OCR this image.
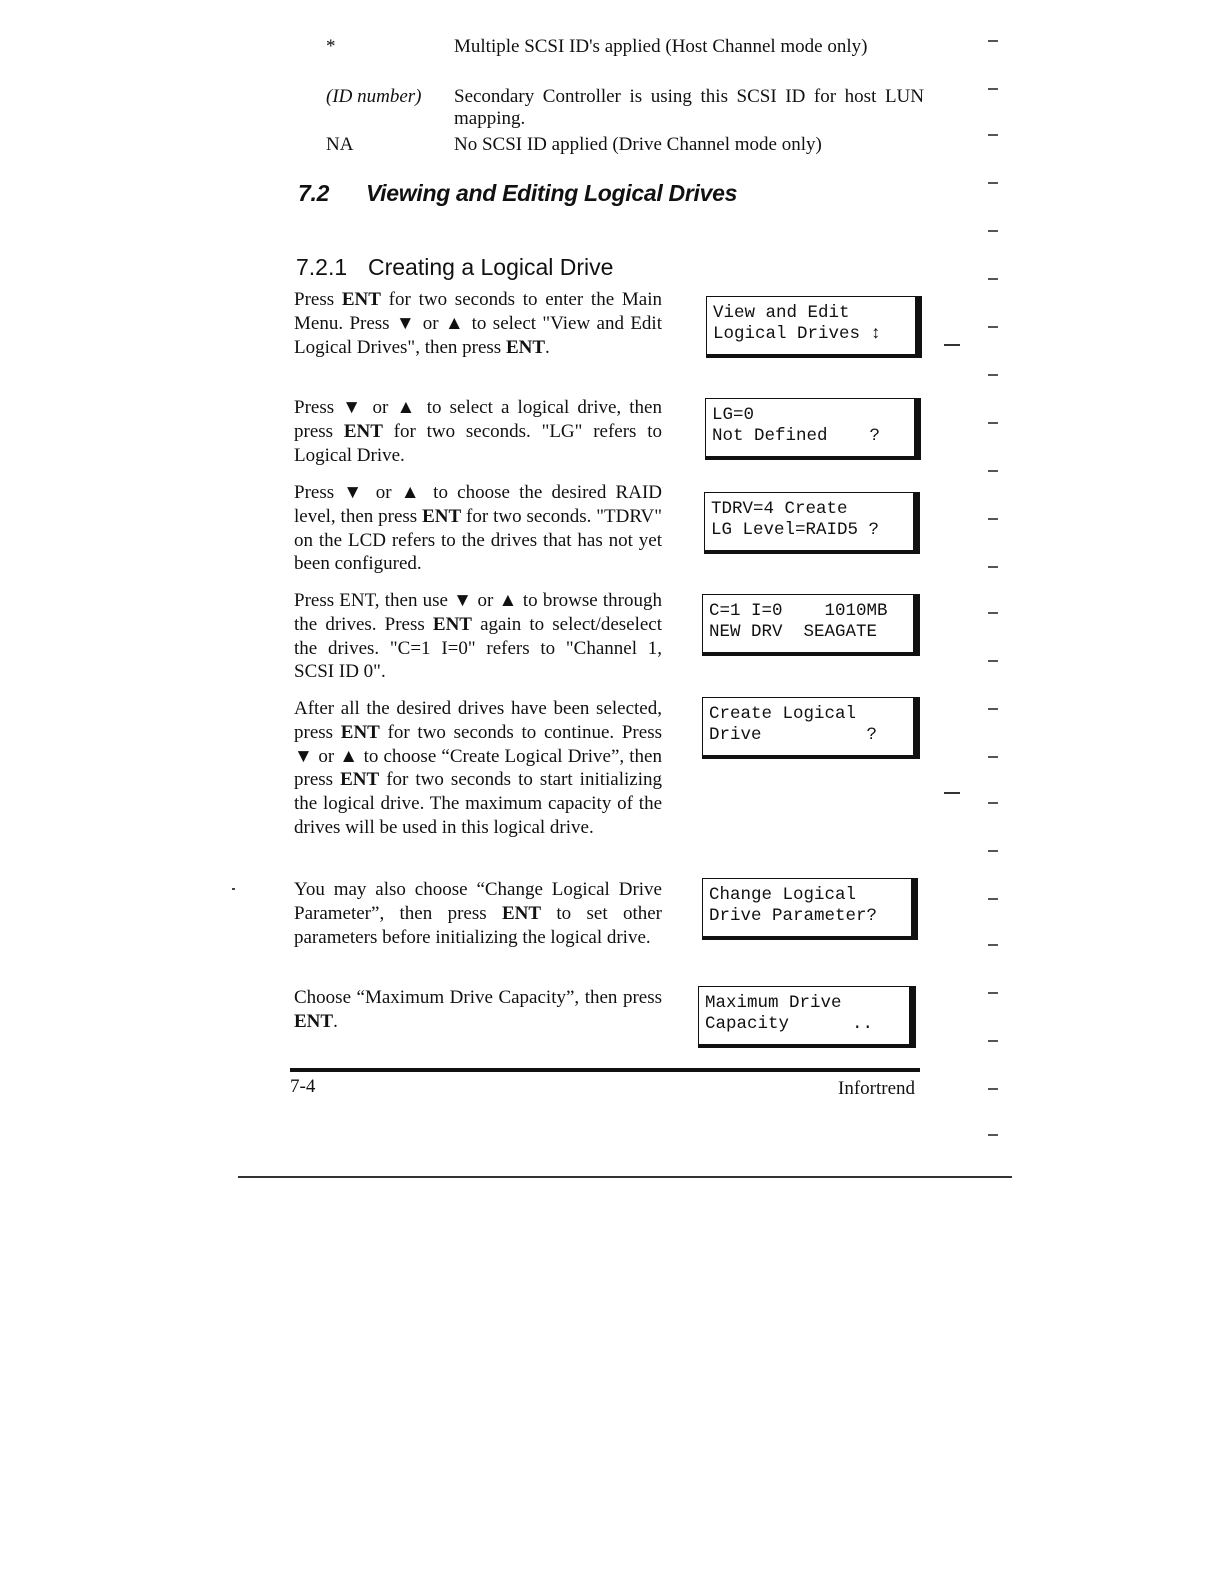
*	Multiple SCSI ID's applied (Host Channel mode only)
(ID number) Secondary Controller is using this SCSI ID for host LUN mapping.
NA	No SCSI ID applied (Drive Channel mode only)
7.2 Viewing and Editing Logical Drives
7.2.1 Creating a Logical Drive
Press ENT for two seconds to enter the Main Menu. Press ▼ or ▲ to select "View and Edit Logical Drives", then press ENT.
Press ▼ or ▲ to select a logical drive, then press ENT for two seconds. "LG" refers to Logical Drive.
Press ▼ or ▲ to choose the desired RAID level, then press ENT for two seconds. "TDRV" on the LCD refers to the drives that has not yet been configured.
Press ENT, then use ▼ or ▲ to browse through the drives. Press ENT again to select/deselect the drives. "C=1 I=0" refers to "Channel 1, SCSI ID 0".
After all the desired drives have been selected, press ENT for two seconds to continue. Press ▼ or ▲ to choose “Create Logical Drive”, then press ENT for two seconds to start initializing the logical drive. The maximum capacity of the drives will be used in this logical drive.
You may also choose “Change Logical Drive Parameter”, then press ENT to set other parameters before initializing the logical drive.
Choose “Maximum Drive Capacity”, then press ENT.
View and Edit
Logical Drives ↕
LG=0
Not Defined    ?
TDRV=4 Create
LG Level=RAID5 ?
C=1 I=0    1010MB
NEW DRV  SEAGATE
Create Logical
Drive          ?
Change Logical
Drive Parameter?
Maximum Drive
Capacity      ..
7-4	Infortrend
